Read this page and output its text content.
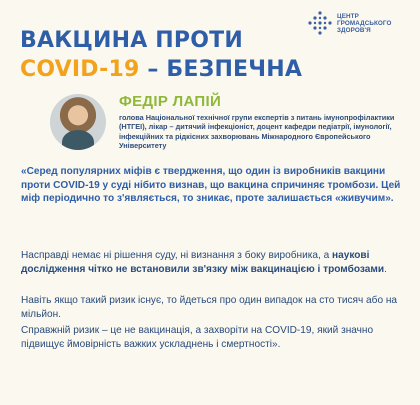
ЦЕНТР
ГРОМАДСЬКОГО
ЗДОРОВ'Я
ВАКЦИНА ПРОТИ
COVID-19 – БЕЗПЕЧНА
ФЕДІР ЛАПІЙ
голова Національної технічної групи експертів з питань імунопрофілактики (НТГЕІ), лікар – дитячий інфекціоніст, доцент кафедри педіатрії, імунології, інфекційних та рідкісних захворювань Міжнародного Європейського Університету

«Серед популярних міфів є твердження, що один із виробників вакцини проти COVID-19 у суді нібито визнав, що вакцина спричиняє тромбози. Цей міф періодично то з'являється, то зникає, проте залишається «живучим».

Насправді немає ні рішення суду, ні визнання з боку виробника, а наукові дослідження чітко не встановили зв'язку між вакцинацією і тромбозами.

Навіть якщо такий ризик існує, то йдеться про один випадок на сто тисяч або на мільйон.

Справжній ризик – це не вакцинація, а захворіти на COVID-19, який значно підвищує ймовірність важких ускладнень і смертності».
